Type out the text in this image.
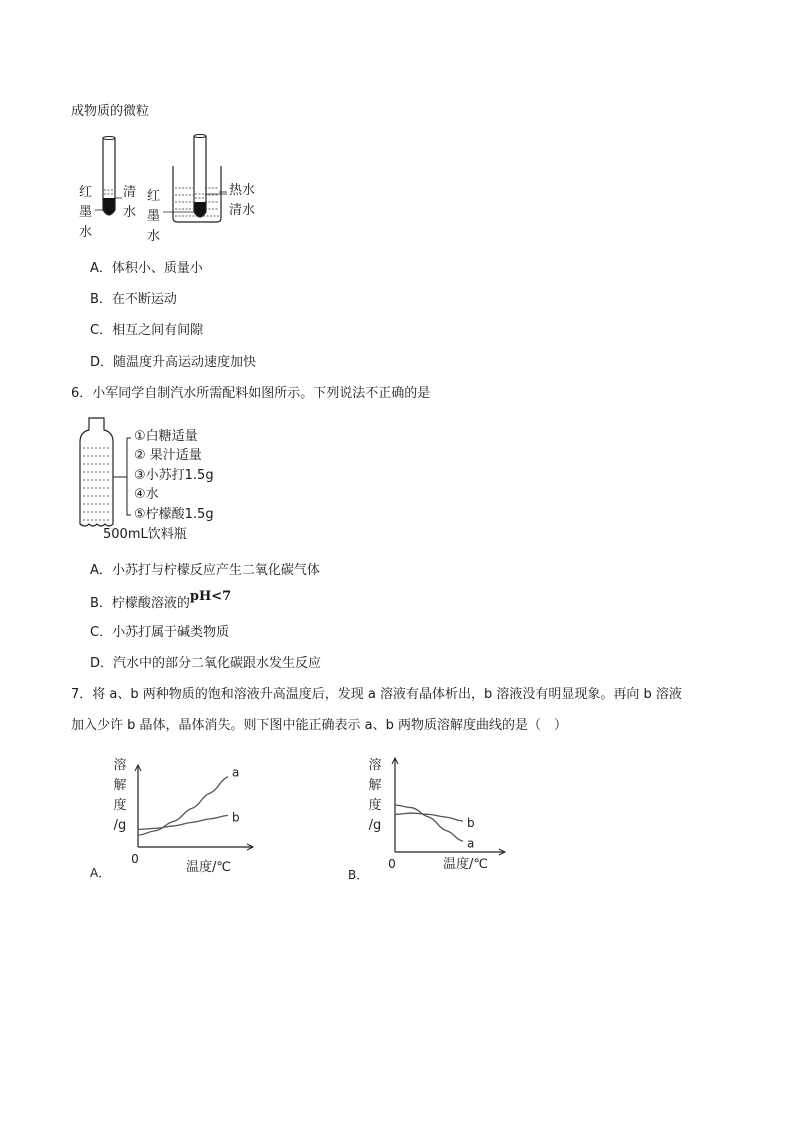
成物质的微粒
红
墨
水
清
水
红
墨
水
热水
清水
A．体积小、质量小
B．在不断运动
C．相互之间有间隙
D．随温度升高运动速度加快
6．小军同学自制汽水所需配料如图所示。下列说法不正确的是
①白糖适量
② 果汁适量
③小苏打1.5g
④水
⑤柠檬酸1.5g
500mL饮料瓶
A．小苏打与柠檬反应产生二氧化碳气体
B．柠檬酸溶液的pH<7
C．小苏打属于碱类物质
D．汽水中的部分二氧化碳跟水发生反应
7．将 a、b 两种物质的饱和溶液升高温度后，发现 a 溶液有晶体析出，b 溶液没有明显现象。再向 b 溶液
加入少许 b 晶体，晶体消失。则下图中能正确表示 a、b 两物质溶解度曲线的是（　）
溶
解
度
/g
0
温度/℃
A．
a
b
溶
解
度
/g
0	温度/℃
B．
a
b
